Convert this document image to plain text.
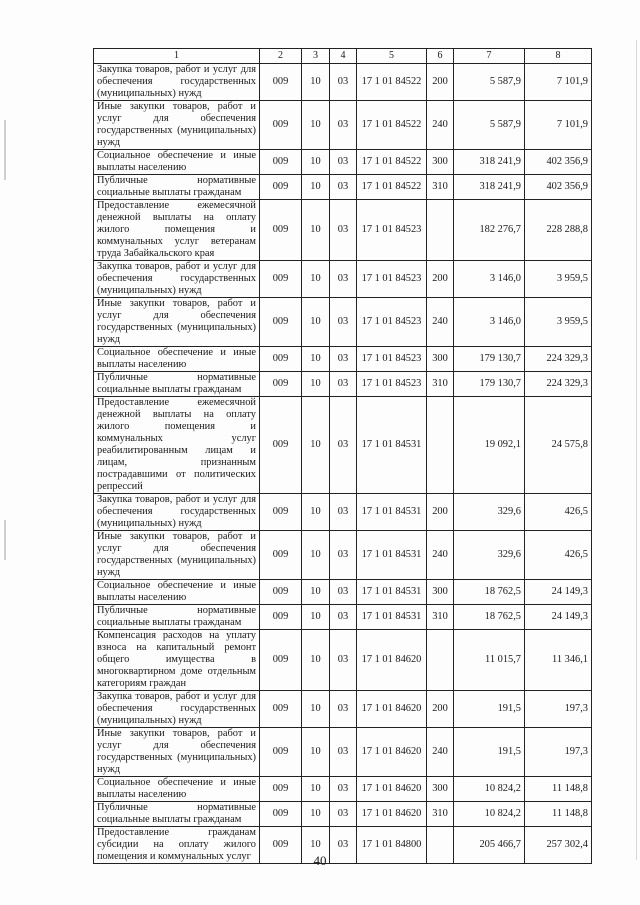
1	2	3	4	5	6	7	8
Закупка товаров, работ и услуг для обеспечения государственных (муниципальных) нужд	009	10	03	17 1 01 84522	200	5 587,9	7 101,9
Иные закупки товаров, работ и услуг для обеспечения государственных (муниципальных) нужд	009	10	03	17 1 01 84522	240	5 587,9	7 101,9
Социальное обеспечение и иные выплаты населению	009	10	03	17 1 01 84522	300	318 241,9	402 356,9
Публичные нормативные социальные выплаты гражданам	009	10	03	17 1 01 84522	310	318 241,9	402 356,9
Предоставление ежемесячной денежной выплаты на оплату жилого помещения и коммунальных услуг ветеранам труда Забайкальского края	009	10	03	17 1 01 84523		182 276,7	228 288,8
Закупка товаров, работ и услуг для обеспечения государственных (муниципальных) нужд	009	10	03	17 1 01 84523	200	3 146,0	3 959,5
Иные закупки товаров, работ и услуг для обеспечения государственных (муниципальных) нужд	009	10	03	17 1 01 84523	240	3 146,0	3 959,5
Социальное обеспечение и иные выплаты населению	009	10	03	17 1 01 84523	300	179 130,7	224 329,3
Публичные нормативные социальные выплаты гражданам	009	10	03	17 1 01 84523	310	179 130,7	224 329,3
Предоставление ежемесячной денежной выплаты на оплату жилого помещения и коммунальных услуг реабилитированным лицам и лицам, признанным пострадавшими от политических репрессий	009	10	03	17 1 01 84531		19 092,1	24 575,8
Закупка товаров, работ и услуг для обеспечения государственных (муниципальных) нужд	009	10	03	17 1 01 84531	200	329,6	426,5
Иные закупки товаров, работ и услуг для обеспечения государственных (муниципальных) нужд	009	10	03	17 1 01 84531	240	329,6	426,5
Социальное обеспечение и иные выплаты населению	009	10	03	17 1 01 84531	300	18 762,5	24 149,3
Публичные нормативные социальные выплаты гражданам	009	10	03	17 1 01 84531	310	18 762,5	24 149,3
Компенсация расходов на уплату взноса на капитальный ремонт общего имущества в многоквартирном доме отдельным категориям граждан	009	10	03	17 1 01 84620		11 015,7	11 346,1
Закупка товаров, работ и услуг для обеспечения государственных (муниципальных) нужд	009	10	03	17 1 01 84620	200	191,5	197,3
Иные закупки товаров, работ и услуг для обеспечения государственных (муниципальных) нужд	009	10	03	17 1 01 84620	240	191,5	197,3
Социальное обеспечение и иные выплаты населению	009	10	03	17 1 01 84620	300	10 824,2	11 148,8
Публичные нормативные социальные выплаты гражданам	009	10	03	17 1 01 84620	310	10 824,2	11 148,8
Предоставление гражданам субсидии на оплату жилого помещения и коммунальных услуг	009	10	03	17 1 01 84800		205 466,7	257 302,4
40
